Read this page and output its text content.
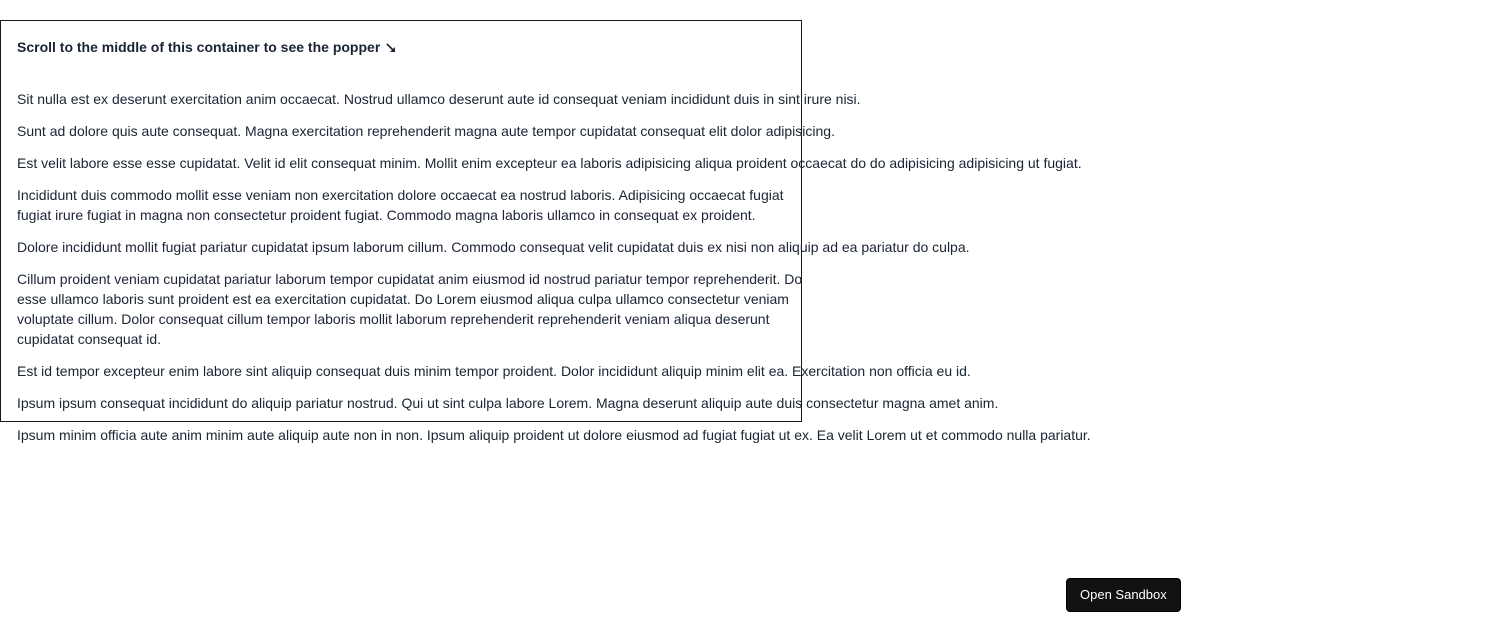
Scroll to the middle of this container to see the popper

Sit nulla est ex deserunt exercitation anim occaecat. Nostrud ullamco deserunt aute id consequat veniam incididunt duis in sint irure nisi.

Sunt ad dolore quis aute consequat. Magna exercitation reprehenderit magna aute tempor cupidatat consequat elit dolor adipisicing.

Est velit labore esse esse cupidatat. Velit id elit consequat minim. Mollit enim excepteur ea laboris adipisicing aliqua proident occaecat do do adipisicing adipisicing ut fugiat.

Incididunt duis commodo mollit esse veniam non exercitation dolore occaecat ea nostrud laboris. Adipisicing occaecat fugiat fugiat irure fugiat in magna non consectetur proident fugiat. Commodo magna laboris ullamco in consequat ex proident.

Dolore incididunt mollit fugiat pariatur cupidatat ipsum laborum cillum. Commodo consequat velit cupidatat duis ex nisi non aliquip ad ea pariatur do culpa.

Cillum proident veniam cupidatat pariatur laborum tempor cupidatat anim eiusmod id nostrud pariatur tempor reprehenderit. Do esse ullamco laboris sunt proident est ea exercitation cupidatat. Do Lorem eiusmod aliqua culpa ullamco consectetur veniam voluptate cillum. Dolor consequat cillum tempor laboris mollit laborum reprehenderit reprehenderit veniam aliqua deserunt cupidatat consequat id.

Est id tempor excepteur enim labore sint aliquip consequat duis minim tempor proident. Dolor incididunt aliquip minim elit ea. Exercitation non officia eu id.

Ipsum ipsum consequat incididunt do aliquip pariatur nostrud. Qui ut sint culpa labore Lorem. Magna deserunt aliquip aute duis consectetur magna amet anim.

Ipsum minim officia aute anim minim aute aliquip aute non in non. Ipsum aliquip proident ut dolore eiusmod ad fugiat fugiat ut ex. Ea velit Lorem ut et commodo nulla pariatur.

Open Sandbox
